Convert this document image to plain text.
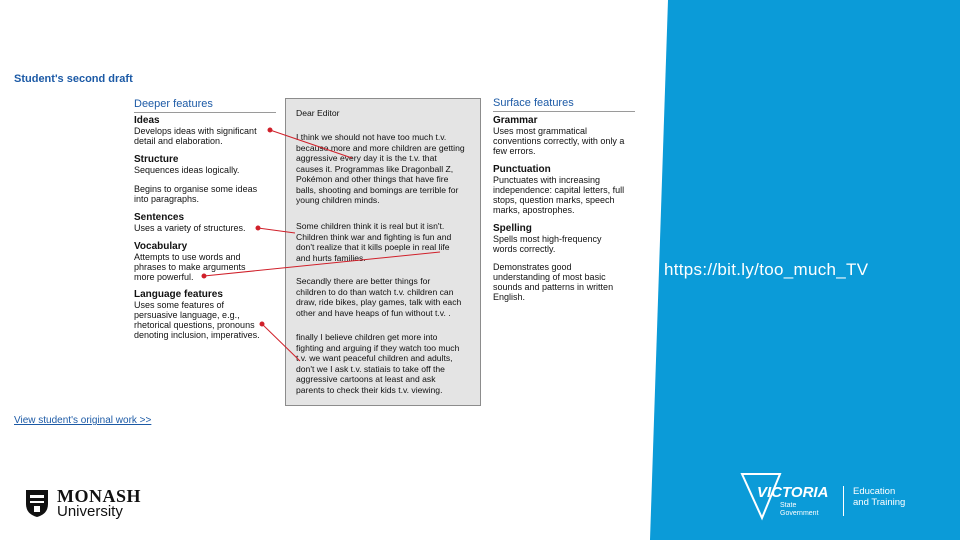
Student's second draft
Deeper features	Surface features
Ideas
Develops ideas with significant
detail and elaboration.
Structure
Sequences ideas logically.
Begins to organise some ideas
into paragraphs.
Sentences
Uses a variety of structures.
Vocabulary
Attempts to use words and
phrases to make arguments
more powerful.
Language features
Uses some features of
persuasive language, e.g.,
rhetorical questions, pronouns
denoting inclusion, imperatives.
Grammar
Uses most grammatical
conventions correctly, with only a
few errors.
Punctuation
Punctuates with increasing
independence: capital letters, full
stops, question marks, speech
marks, apostrophes.
Spelling
Spells most high-frequency
words correctly.
Demonstrates good
understanding of most basic
sounds and patterns in written
English.
Dear Editor
I think we should not have too much t.v.
because more and more children are getting
aggressive every day it is the t.v. that
causes it. Programmas like Dragonball Z,
Pokémon and other things that have fire
balls, shooting and bomings are terrible for
young children minds.
Some children think it is real but it isn't.
Children think war and fighting is fun and
don't realize that it kills poeple in real life
and hurts families.
Secandly there are better things for
children to do than watch t.v. children can
draw, ride bikes, play games, talk with each
other and have heaps of fun without t.v. .
finally I believe children get more into
fighting and arguing if they watch too much
t.v. we want peaceful children and adults,
don't we I ask t.v. statiais to take off the
aggressive cartoons at least and ask
parents to check their kids t.v. viewing.
View student's original work >>
https://bit.ly/too_much_TV
MONASH
University
VICTORIA
State
Government
Education
and Training
